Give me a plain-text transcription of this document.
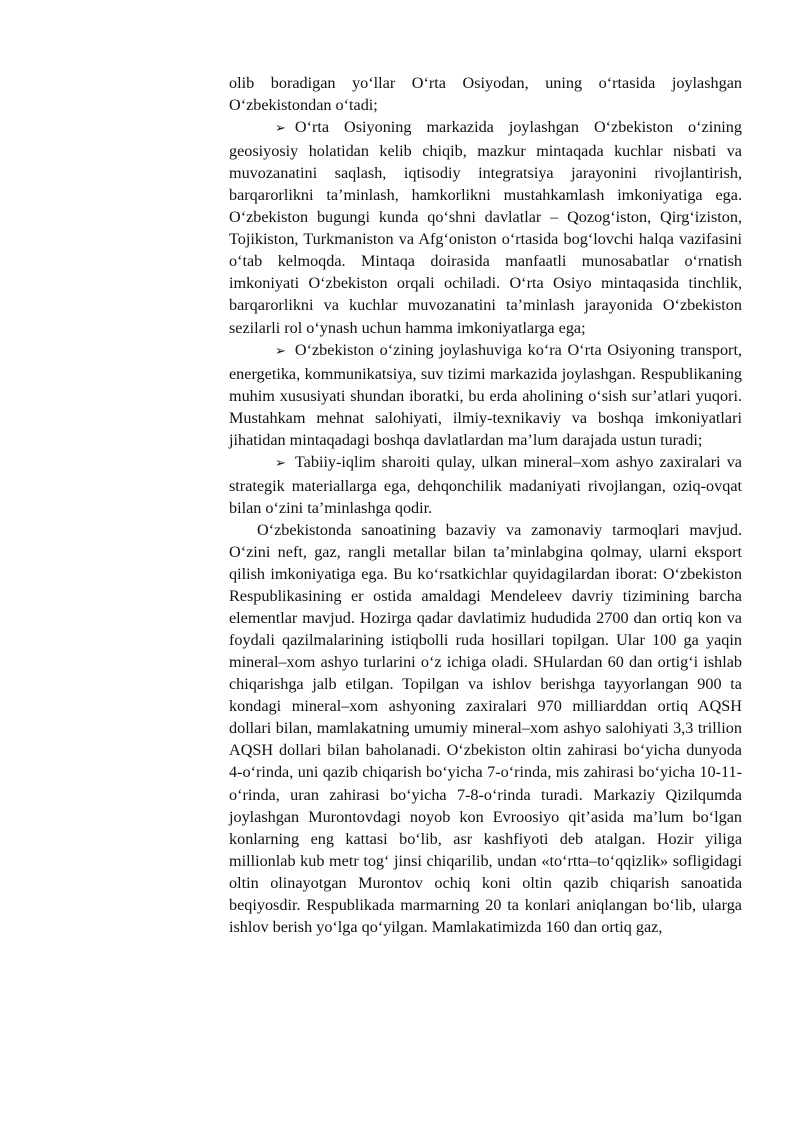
olib boradigan yo‘llar O‘rta Osiyodan, uning o‘rtasida joylashgan O‘zbekistondan o‘tadi;

➢ O‘rta Osiyoning markazida joylashgan O‘zbekiston o‘zining geosiyosiy holatidan kelib chiqib, mazkur mintaqada kuchlar nisbati va muvozanatini saqlash, iqtisodiy integratsiya jarayonini rivojlantirish, barqarorlikni ta’minlash, hamkorlikni mustahkamlash imkoniyatiga ega. O‘zbekiston bugungi kunda qo‘shni davlatlar – Qozog‘iston, Qirg‘iziston, Tojikiston, Turkmaniston va Afg‘oniston o‘rtasida bog‘lovchi halqa vazifasini o‘tab kelmoqda. Mintaqa doirasida manfaatli munosabatlar o‘rnatish imkoniyati O‘zbekiston orqali ochiladi. O‘rta Osiyo mintaqasida tinchlik, barqarorlikni va kuchlar muvozanatini ta’minlash jarayonida O‘zbekiston sezilarli rol o‘ynash uchun hamma imkoniyatlarga ega;

➢ O‘zbekiston o‘zining joylashuviga ko‘ra O‘rta Osiyoning transport, energetika, kommunikatsiya, suv tizimi markazida joylashgan. Respublikaning muhim xususiyati shundan iboratki, bu erda aholining o‘sish sur’atlari yuqori. Mustahkam mehnat salohiyati, ilmiy-texnikaviy va boshqa imkoniyatlari jihatidan mintaqadagi boshqa davlatlardan ma’lum darajada ustun turadi;

➢ Tabiiy-iqlim sharoiti qulay, ulkan mineral–xom ashyo zaxiralari va strategik materiallarga ega, dehqonchilik madaniyati rivojlangan, oziq-ovqat bilan o‘zini ta’minlashga qodir.

O‘zbekistonda sanoatining bazaviy va zamonaviy tarmoqlari mavjud. O‘zini neft, gaz, rangli metallar bilan ta’minlabgina qolmay, ularni eksport qilish imkoniyatiga ega. Bu ko‘rsatkichlar quyidagilardan iborat: O‘zbekiston Respublikasining er ostida amaldagi Mendeleev davriy tizimining barcha elementlar mavjud. Hozirga qadar davlatimiz hududida 2700 dan ortiq kon va foydali qazilmalarining istiqbolli ruda hosillari topilgan. Ular 100 ga yaqin mineral–xom ashyo turlarini o‘z ichiga oladi. SHulardan 60 dan ortig‘i ishlab chiqarishga jalb etilgan. Topilgan va ishlov berishga tayyorlangan 900 ta kondagi mineral–xom ashyoning zaxiralari 970 milliarddan ortiq AQSH dollari bilan, mamlakatning umumiy mineral–xom ashyo salohiyati 3,3 trillion AQSH dollari bilan baholanadi. O‘zbekiston oltin zahirasi bo‘yicha dunyoda 4-o‘rinda, uni qazib chiqarish bo‘yicha 7-o‘rinda, mis zahirasi bo‘yicha 10-11-o‘rinda, uran zahirasi bo‘yicha 7-8-o‘rinda turadi. Markaziy Qizilqumda joylashgan Murontovdagi noyob kon Evroosiyo qit’asida ma’lum bo‘lgan konlarning eng kattasi bo‘lib, asr kashfiyoti deb atalgan. Hozir yiliga millionlab kub metr tog‘ jinsi chiqarilib, undan «to‘rtta–to‘qqizlik» sofligidagi oltin olinayotgan Murontov ochiq koni oltin qazib chiqarish sanoatida beqiyosdir. Respublikada marmarning 20 ta konlari aniqlangan bo‘lib, ularga ishlov berish yo‘lga qo‘yilgan. Mamlakatimizda 160 dan ortiq gaz,
